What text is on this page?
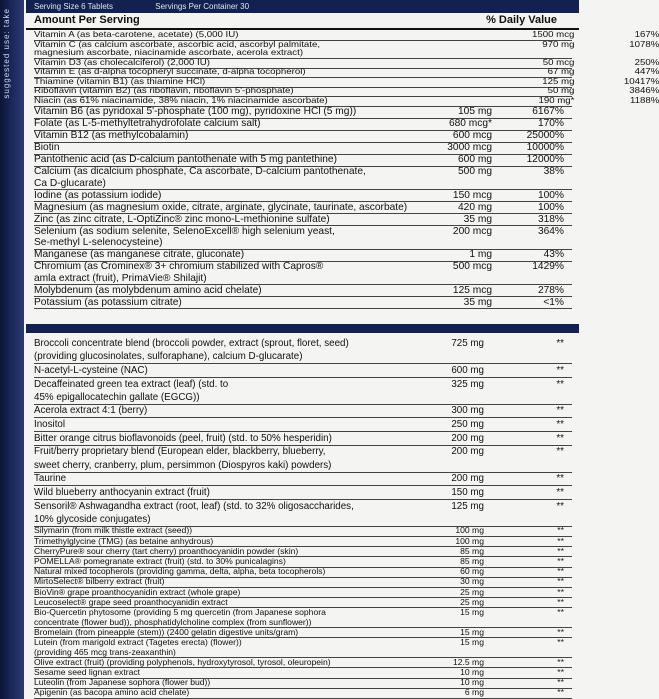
suggested use: take
Serving Size 6 Tablets	Servings Per Container 30
Amount Per Serving	% Daily Value
Vitamin A (as beta-carotene, acetate) (5,000 IU)	1500 mcg	167%
Vitamin C (as calcium ascorbate, ascorbic acid, ascorbyl palmitate,	970 mg	1078%
magnesium ascorbate, niacinamide ascorbate, acerola extract)
Vitamin D3 (as cholecalciferol) (2,000 IU)	50 mcg	250%
Vitamin E (as d-alpha tocopheryl succinate, d-alpha tocopherol)	67 mg	447%
Thiamine (vitamin B1) (as thiamine HCl)	125 mg	10417%
Riboflavin (vitamin B2) (as riboflavin, riboflavin 5'-phosphate)	50 mg	3846%
Niacin (as 61% niacinamide, 38% niacin, 1% niacinamide ascorbate)	190 mg*	1188%
Vitamin B6 (as pyridoxal 5'-phosphate (100 mg), pyridoxine HCl (5 mg))	105 mg	6167%
Folate (as L-5-methyltetrahydrofolate calcium salt)	680 mcg*	170%
Vitamin B12 (as methylcobalamin)	600 mcg	25000%
Biotin	3000 mcg	10000%
Pantothenic acid (as D-calcium pantothenate with 5 mg pantethine)	600 mg	12000%
Calcium (as dicalcium phosphate, Ca ascorbate, D-calcium pantothenate,	500 mg	38%
Ca D-glucarate)
Iodine (as potassium iodide)	150 mcg	100%
Magnesium (as magnesium oxide, citrate, arginate, glycinate, taurinate, ascorbate)	420 mg	100%
Zinc (as zinc citrate, L-OptiZinc® zinc mono-L-methionine sulfate)	35 mg	318%
Selenium (as sodium selenite, SelenoExcell® high selenium yeast,	200 mcg	364%
Se-methyl L-selenocysteine)
Manganese (as manganese citrate, gluconate)	1 mg	43%
Chromium (as Crominex® 3+ chromium stabilized with Capros®	500 mcg	1429%
amla extract (fruit), PrimaVie® Shilajit)
Molybdenum (as molybdenum amino acid chelate)	125 mcg	278%
Potassium (as potassium citrate)	35 mg	<1%
Broccoli concentrate blend (broccoli powder, extract (sprout, floret, seed)	725 mg	**
(providing glucosinolates, sulforaphane), calcium D-glucarate)
N-acetyl-L-cysteine (NAC)	600 mg	**
Decaffeinated green tea extract (leaf) (std. to	325 mg	**
45% epigallocatechin gallate (EGCG))
Acerola extract 4:1 (berry)	300 mg	**
Inositol	250 mg	**
Bitter orange citrus bioflavonoids (peel, fruit) (std. to 50% hesperidin)	200 mg	**
Fruit/berry proprietary blend (European elder, blackberry, blueberry,	200 mg	**
sweet cherry, cranberry, plum, persimmon (Diospyros kaki) powders)
Taurine	200 mg	**
Wild blueberry anthocyanin extract (fruit)	150 mg	**
Sensoril® Ashwagandha extract (root, leaf) (std. to 32% oligosaccharides,	125 mg	**
10% glycoside conjugates)
Silymarin (from milk thistle extract (seed))	100 mg	**
Trimethylglycine (TMG) (as betaine anhydrous)	100 mg	**
CherryPure® sour cherry (tart cherry) proanthocyanidin powder (skin)	85 mg	**
POMELLA® pomegranate extract (fruit) (std. to 30% punicalagins)	85 mg	**
Natural mixed tocopherols (providing gamma, delta, alpha, beta tocopherols)	60 mg	**
MirtoSelect® bilberry extract (fruit)	30 mg	**
BioVin® grape proanthocyanidin extract (whole grape)	25 mg	**
Leucoselect® grape seed proanthocyanidin extract	25 mg	**
Bio-Quercetin phytosome (providing 5 mg quercetin (from Japanese sophora	15 mg	**
concentrate (flower bud)), phosphatidylcholine complex (from sunflower))
Bromelain (from pineapple (stem)) (2400 gelatin digestive units/gram)	15 mg	**
Lutein (from marigold extract (Tagetes erecta) (flower))	15 mg	**
(providing 465 mcg trans-zeaxanthin)
Olive extract (fruit) (providing polyphenols, hydroxytyrosol, tyrosol, oleuropein)	12.5 mg	**
Sesame seed lignan extract	10 mg	**
Luteolin (from Japanese sophora (flower bud))	10 mg	**
Apigenin (as bacopa amino acid chelate)	6 mg	**
